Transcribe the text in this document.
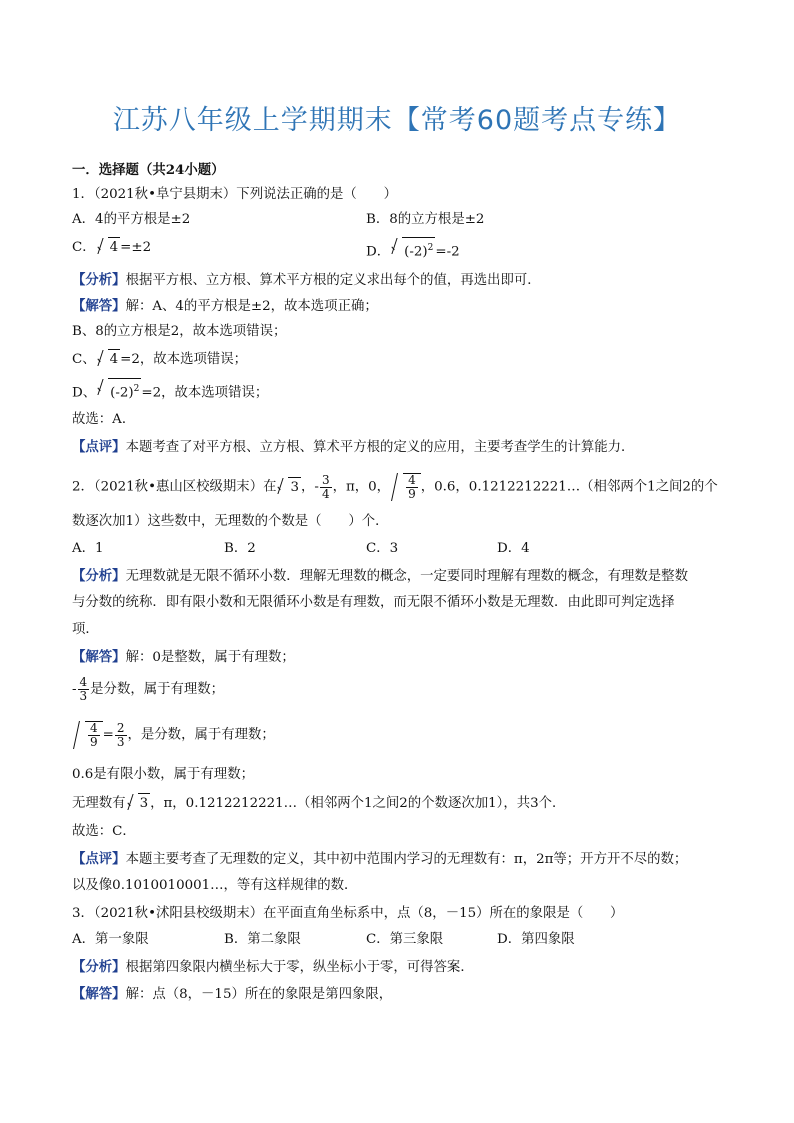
江苏八年级上学期期末【常考60题考点专练】
一．选择题（共24小题）
1．（2021秋•阜宁县期末）下列说法正确的是（　　）
A．4的平方根是±2	B．8的立方根是±2
C． 4 =±2	D． $(-2)^2 =-2$
【分析】根据平方根、立方根、算术平方根的定义求出每个的值，再选出即可．
【解答】解：A、4的平方根是±2，故本选项正确；
B、8的立方根是2，故本选项错误；
C、 4 =2，故本选项错误；
D、 $(-2)^2 =2$，故本选项错误；
故选：A．
【点评】本题考查了对平方根、立方根、算术平方根的定义的应用，主要考查学生的计算能力．
2．（2021秋•惠山区校级期末）在 3 ，- $\frac{3}{4}$ ，π，0， $\frac{4}{9}$ ，0.6，0.1212212221…（相邻两个1之间2的个
数逐次加1）这些数中，无理数的个数是（　　）个．
A．1	B．2	C．3	D．4
【分析】无理数就是无限不循环小数．理解无理数的概念，一定要同时理解有理数的概念，有理数是整数
与分数的统称．即有限小数和无限循环小数是有理数，而无限不循环小数是无理数．由此即可判定选择
项．
【解答】解：0是整数，属于有理数；
- $\frac{4}{3}$ 是分数，属于有理数；
$\frac{4}{9} = \frac{2}{3}$ ，是分数，属于有理数；
0.6是有限小数，属于有理数；
无理数有 3 ，π，0.1212212221…（相邻两个1之间2的个数逐次加1），共3个．
故选：C．
【点评】本题主要考查了无理数的定义，其中初中范围内学习的无理数有：π，2π等；开方开不尽的数；
以及像0.1010010001…，等有这样规律的数．
3．（2021秋•沭阳县校级期末）在平面直角坐标系中，点（8，－15）所在的象限是（　　）
A．第一象限	B．第二象限	C．第三象限	D．第四象限
【分析】根据第四象限内横坐标大于零，纵坐标小于零，可得答案．
【解答】解：点（8，－15）所在的象限是第四象限，
